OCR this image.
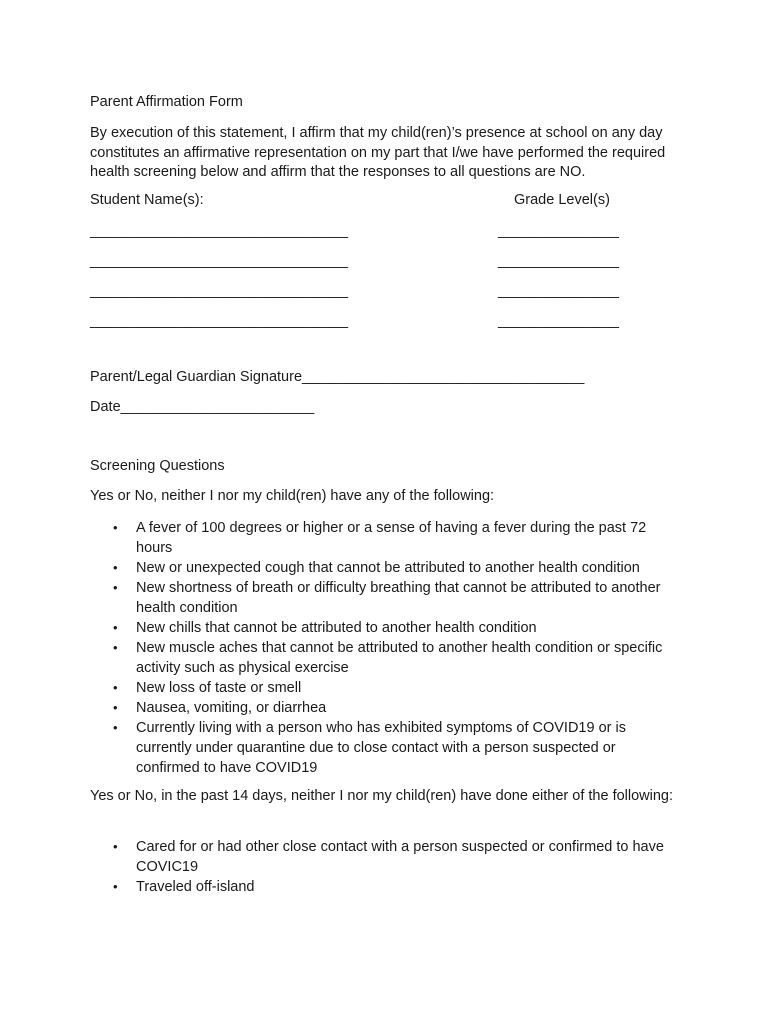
Parent Affirmation Form
By execution of this statement, I affirm that my child(ren)’s presence at school on any day constitutes an affirmative representation on my part that I/we have performed the required health screening below and affirm that the responses to all questions are NO.
Student Name(s):	Grade Level(s)
________________________________	_______________
________________________________	_______________
________________________________	_______________
________________________________	_______________
Parent/Legal Guardian Signature___________________________________
Date________________________
Screening Questions
Yes or No, neither I nor my child(ren) have any of the following:
• A fever of 100 degrees or higher or a sense of having a fever during the past 72 hours
• New or unexpected cough that cannot be attributed to another health condition
• New shortness of breath or difficulty breathing that cannot be attributed to another health condition
• New chills that cannot be attributed to another health condition
• New muscle aches that cannot be attributed to another health condition or specific activity such as physical exercise
• New loss of taste or smell
• Nausea, vomiting, or diarrhea
• Currently living with a person who has exhibited symptoms of COVID19 or is currently under quarantine due to close contact with a person suspected or confirmed to have COVID19
Yes or No, in the past 14 days, neither I nor my child(ren) have done either of the following:
• Cared for or had other close contact with a person suspected or confirmed to have COVIC19
• Traveled off-island
